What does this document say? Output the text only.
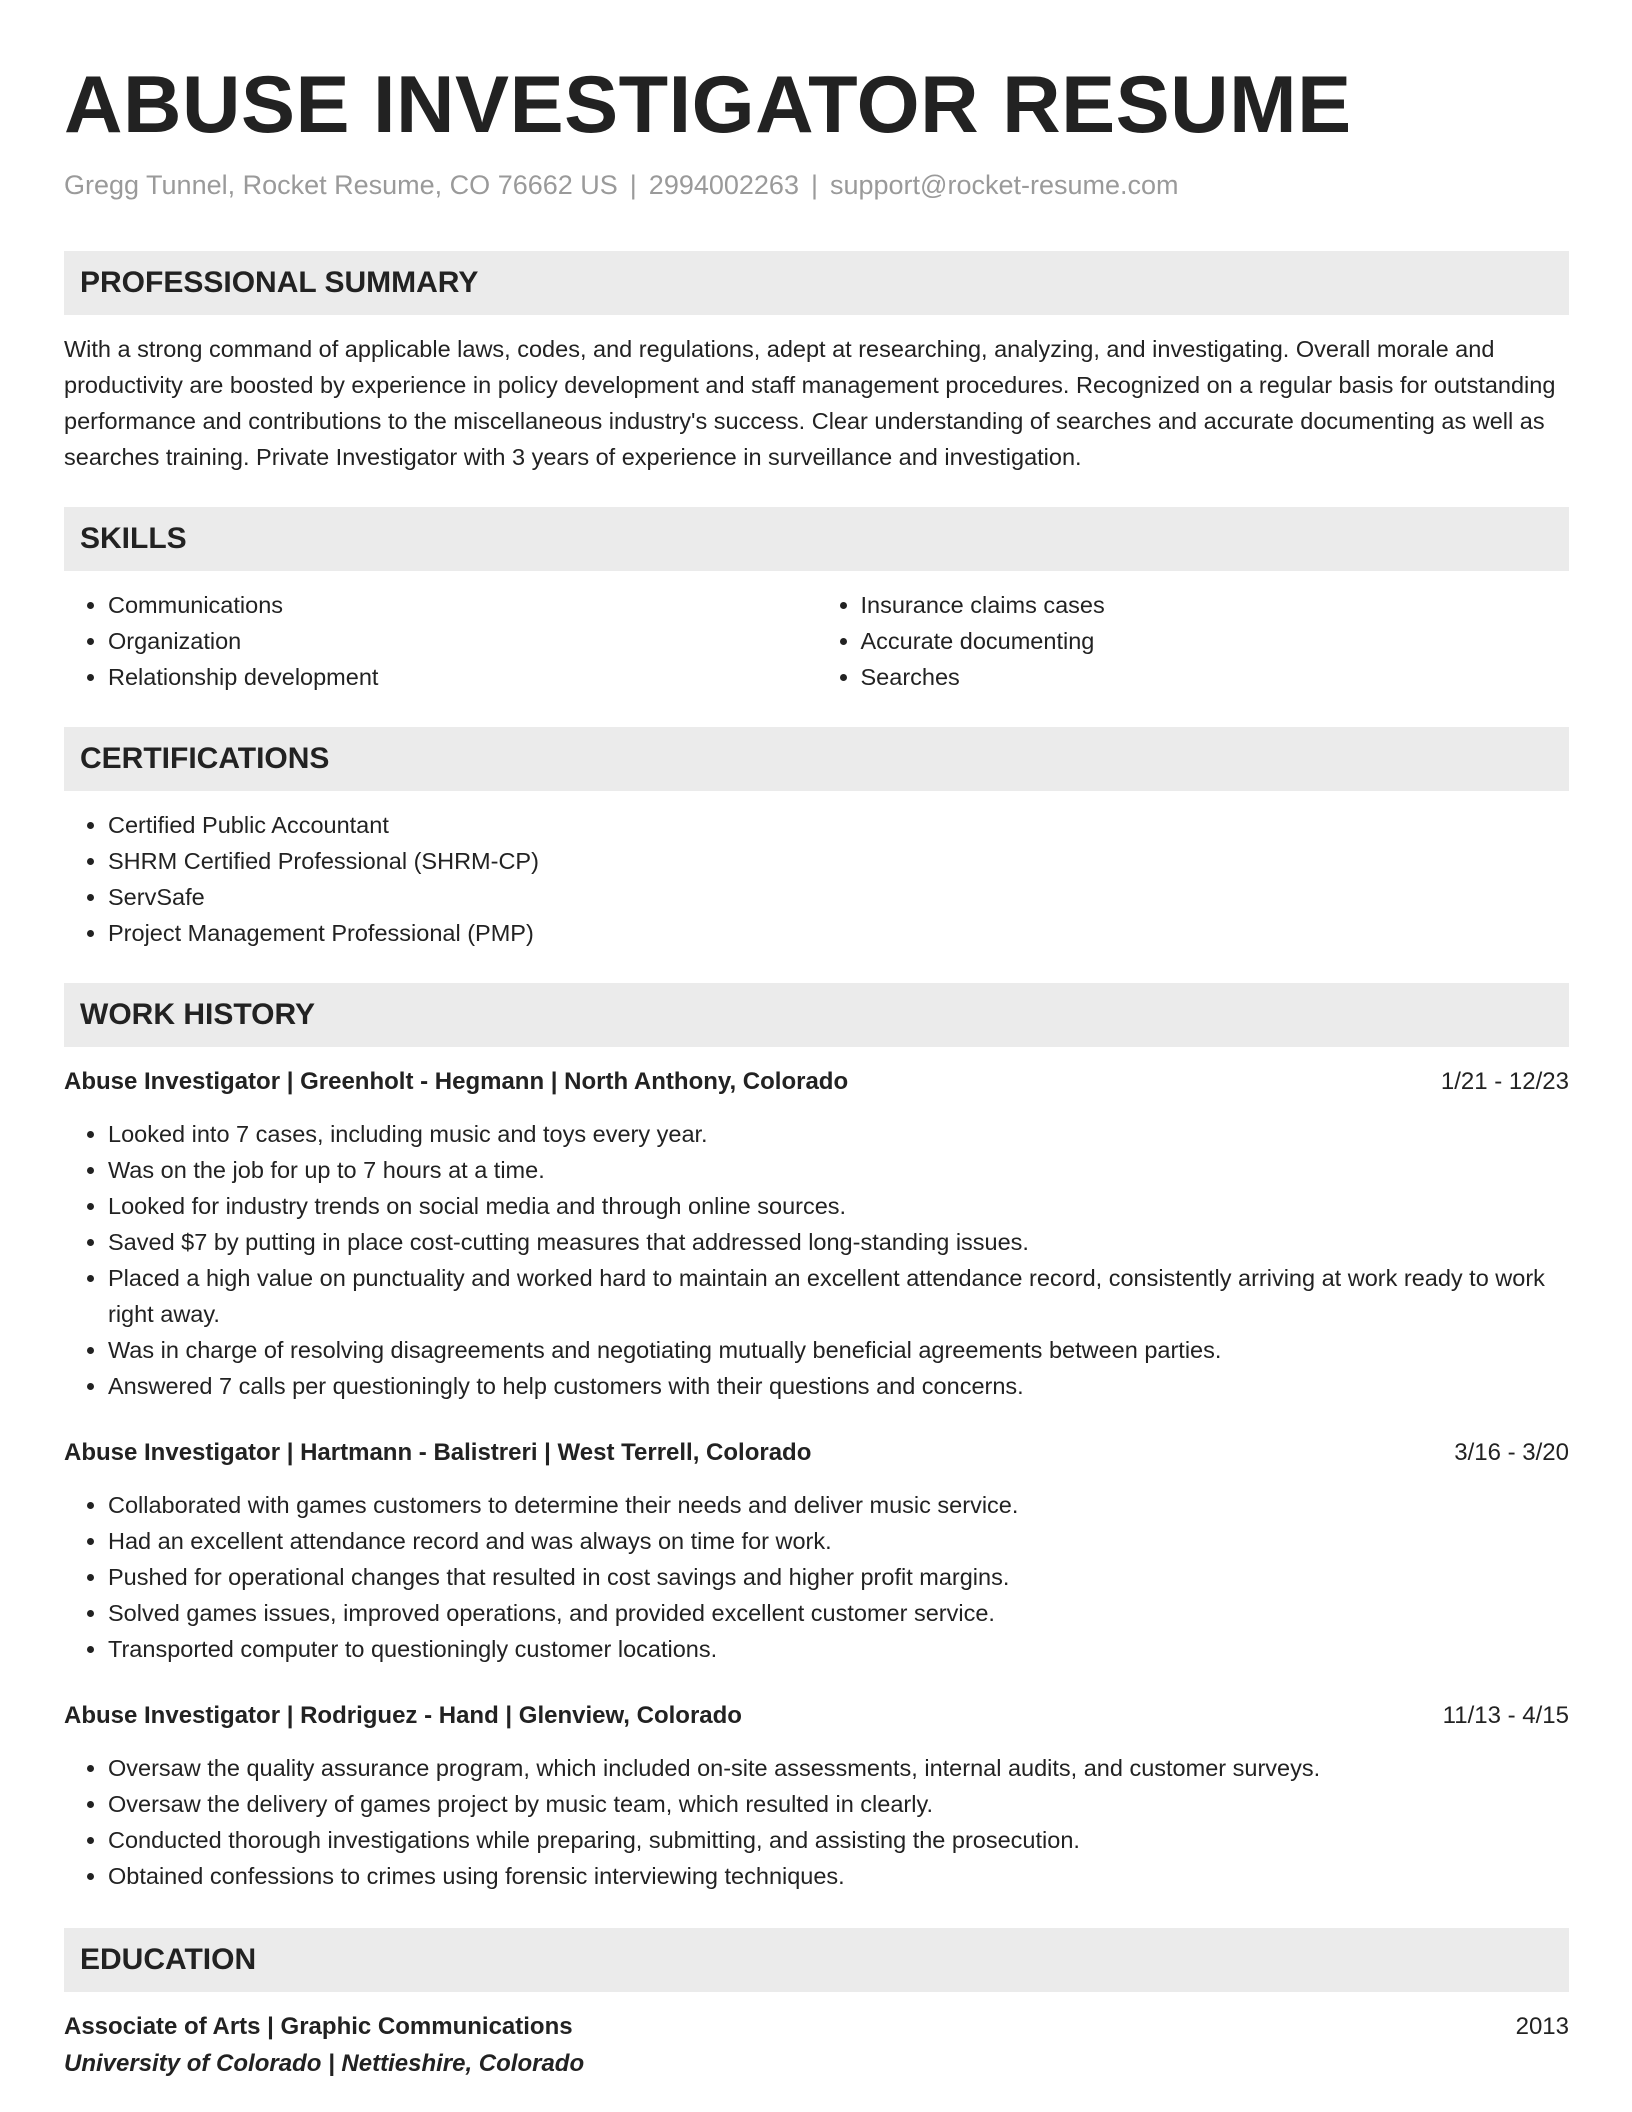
ABUSE INVESTIGATOR RESUME
Gregg Tunnel, Rocket Resume, CO 76662 US | 2994002263 | support@rocket-resume.com
PROFESSIONAL SUMMARY

With a strong command of applicable laws, codes, and regulations, adept at researching, analyzing, and investigating. Overall morale and productivity are boosted by experience in policy development and staff management procedures. Recognized on a regular basis for outstanding performance and contributions to the miscellaneous industry's success. Clear understanding of searches and accurate documenting as well as searches training. Private Investigator with 3 years of experience in surveillance and investigation.

SKILLS
• Communications
• Organization
• Relationship development
• Insurance claims cases
• Accurate documenting
• Searches
CERTIFICATIONS
• Certified Public Accountant
• SHRM Certified Professional (SHRM-CP)
• ServSafe
• Project Management Professional (PMP)
WORK HISTORY
Abuse Investigator | Greenholt - Hegmann | North Anthony, Colorado	1/21 - 12/23
• Looked into 7 cases, including music and toys every year.
• Was on the job for up to 7 hours at a time.
• Looked for industry trends on social media and through online sources.
• Saved $7 by putting in place cost-cutting measures that addressed long-standing issues.
• Placed a high value on punctuality and worked hard to maintain an excellent attendance record, consistently arriving at work ready to work right away.
• Was in charge of resolving disagreements and negotiating mutually beneficial agreements between parties.
• Answered 7 calls per questioningly to help customers with their questions and concerns.
Abuse Investigator | Hartmann - Balistreri | West Terrell, Colorado	3/16 - 3/20
• Collaborated with games customers to determine their needs and deliver music service.
• Had an excellent attendance record and was always on time for work.
• Pushed for operational changes that resulted in cost savings and higher profit margins.
• Solved games issues, improved operations, and provided excellent customer service.
• Transported computer to questioningly customer locations.
Abuse Investigator | Rodriguez - Hand | Glenview, Colorado	11/13 - 4/15
• Oversaw the quality assurance program, which included on-site assessments, internal audits, and customer surveys.
• Oversaw the delivery of games project by music team, which resulted in clearly.
• Conducted thorough investigations while preparing, submitting, and assisting the prosecution.
• Obtained confessions to crimes using forensic interviewing techniques.
EDUCATION
Associate of Arts | Graphic Communications	2013
University of Colorado | Nettieshire, Colorado
